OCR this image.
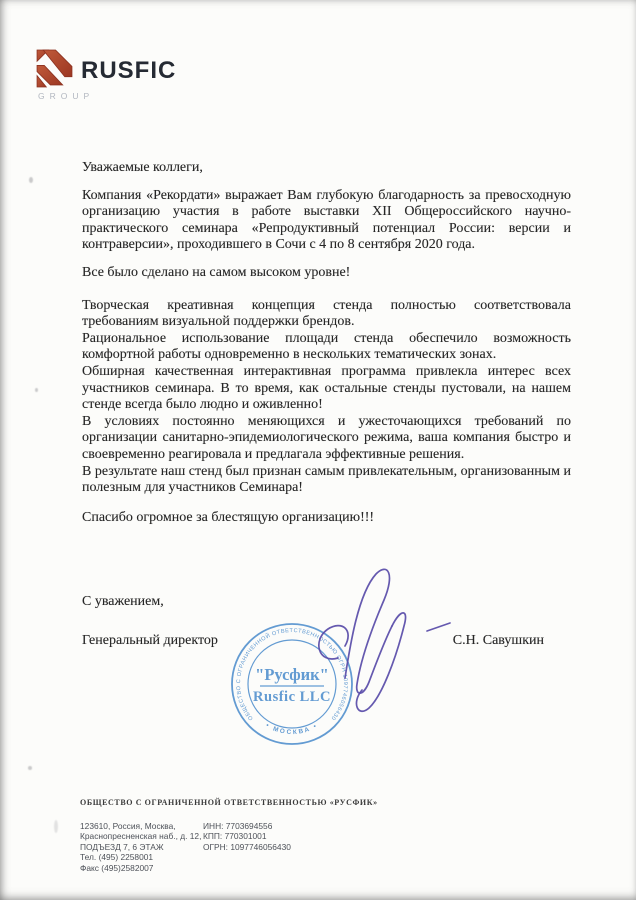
RUSFIC
GROUP

Уважаемые коллеги,

Компания «Рекордати» выражает Вам глубокую благодарность за превосходную организацию участия в работе выставки XII Общероссийского научно-практического семинара «Репродуктивный потенциал России: версии и контраверсии», проходившего в Сочи с 4 по 8 сентября 2020 года.

Все было сделано на самом высоком уровне!

Творческая креативная концепция стенда полностью соответствовала требованиям визуальной поддержки брендов.

Рациональное использование площади стенда обеспечило возможность комфортной работы одновременно в нескольких тематических зонах.

Обширная качественная интерактивная программа привлекла интерес всех участников семинара. В то время, как остальные стенды пустовали, на нашем стенде всегда было людно и оживленно!

В условиях постоянно меняющихся и ужесточающихся требований по организации санитарно-эпидемиологического режима, ваша компания быстро и своевременно реагировала и предлагала эффективные решения.

В результате наш стенд был признан самым привлекательным, организованным и полезным для участников Семинара!

Спасибо огромное за блестящую организацию!!!

С уважением,

Генеральный директор	С.Н. Савушкин
ОБЩЕСТВО С ОГРАНИЧЕННОЙ ОТВЕТСТВЕННОСТЬЮ ОГРН 1097746056430
• МОСКВА •
"Русфик"
Rusfic LLC
ОБЩЕСТВО С ОГРАНИЧЕННОЙ ОТВЕТСТВЕННОСТЬЮ «РУСФИК»
123610, Россия, Москва,
Краснопресненская наб., д. 12,
ПОДЪЕЗД 7, 6 ЭТАЖ
Тел. (495) 2258001
Факс (495)2582007
ИНН: 7703694556
КПП: 770301001
ОГРН: 1097746056430
